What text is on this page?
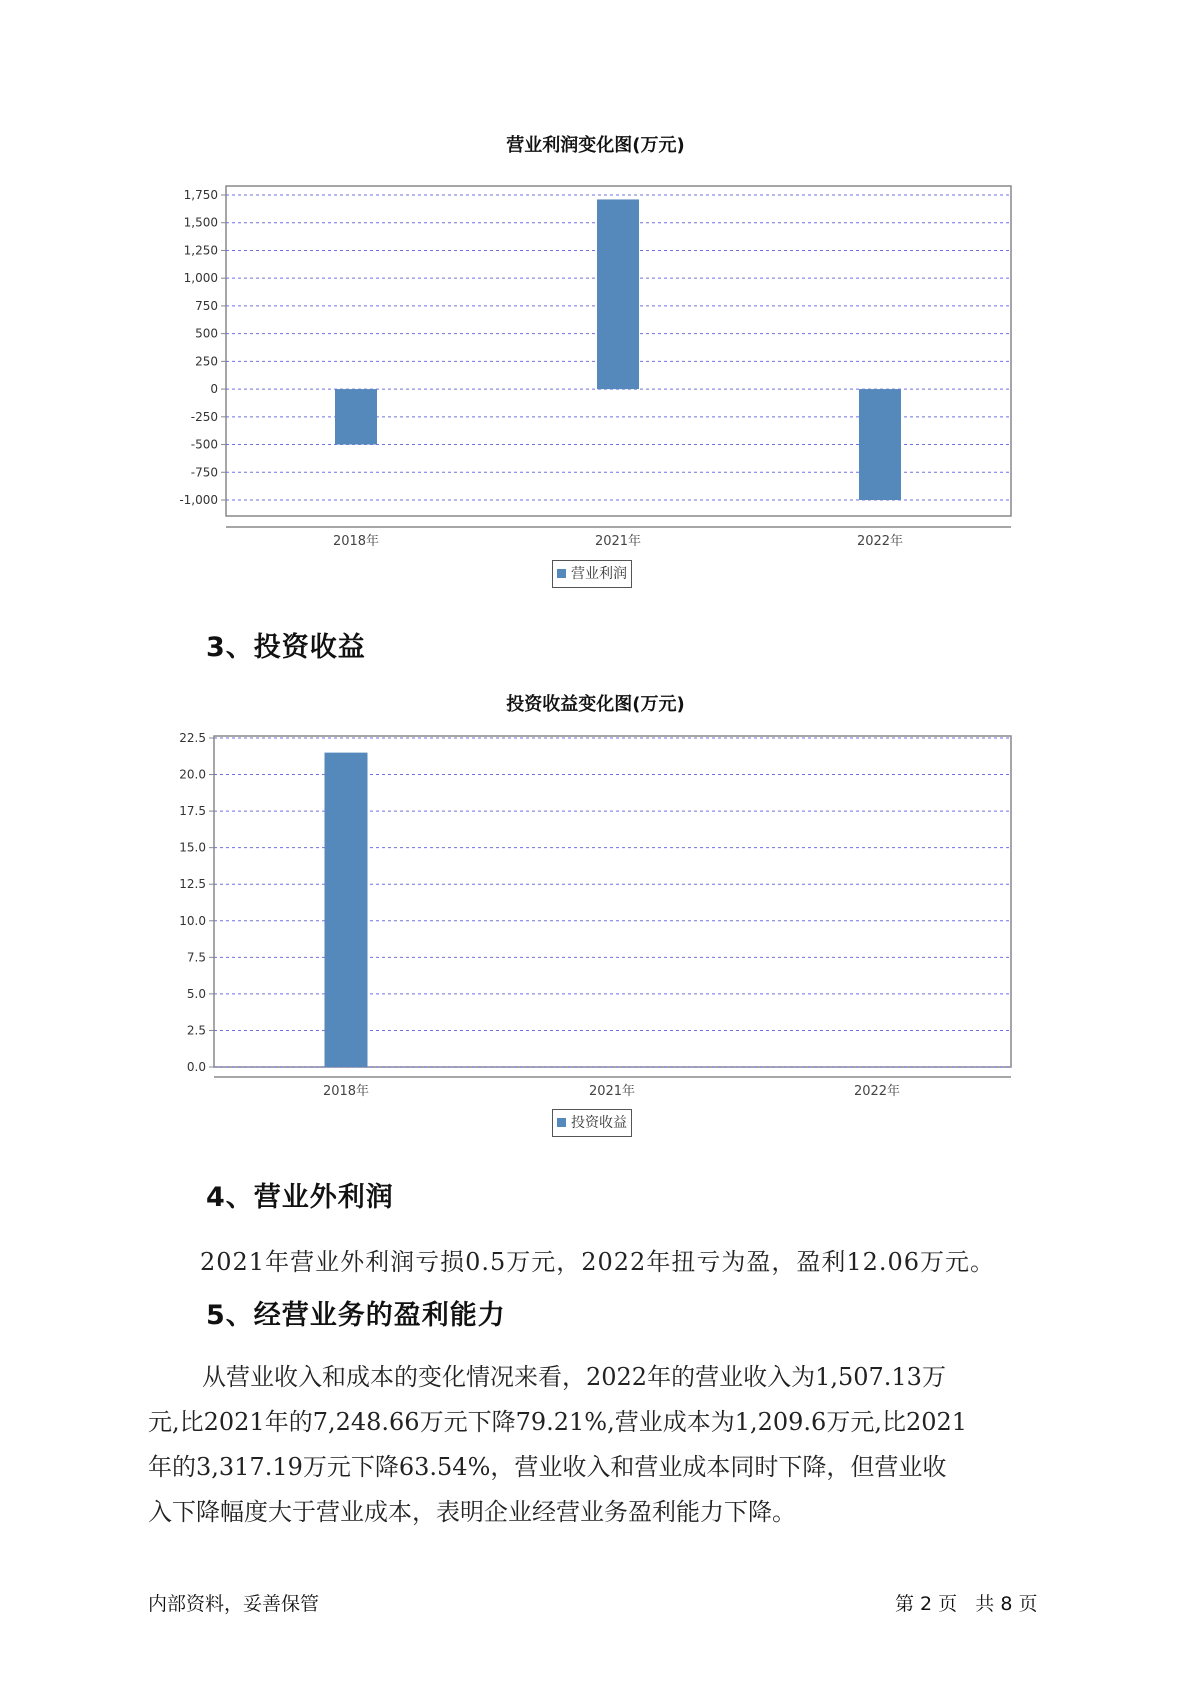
营业利润变化图(万元)
1,750
1,500
1,250
1,000
750
500
250
0
-250
-500
-750
-1,000
2018年	2021年	2022年
营业利润
3、投资收益
投资收益变化图(万元)
22.5
20.0
17.5
15.0
12.5
10.0
7.5
5.0
2.5
0.0
2018年	2021年	2022年
投资收益
4、营业外利润
2021年营业外利润亏损0.5万元，2022年扭亏为盈，盈利12.06万元。
5、经营业务的盈利能力
从营业收入和成本的变化情况来看，2022年的营业收入为1,507.13万
元,比2021年的7,248.66万元下降79.21%,营业成本为1,209.6万元,比2021
年的3,317.19万元下降63.54%，营业收入和营业成本同时下降，但营业收
入下降幅度大于营业成本，表明企业经营业务盈利能力下降。
内部资料，妥善保管	第 2 页   共 8 页
